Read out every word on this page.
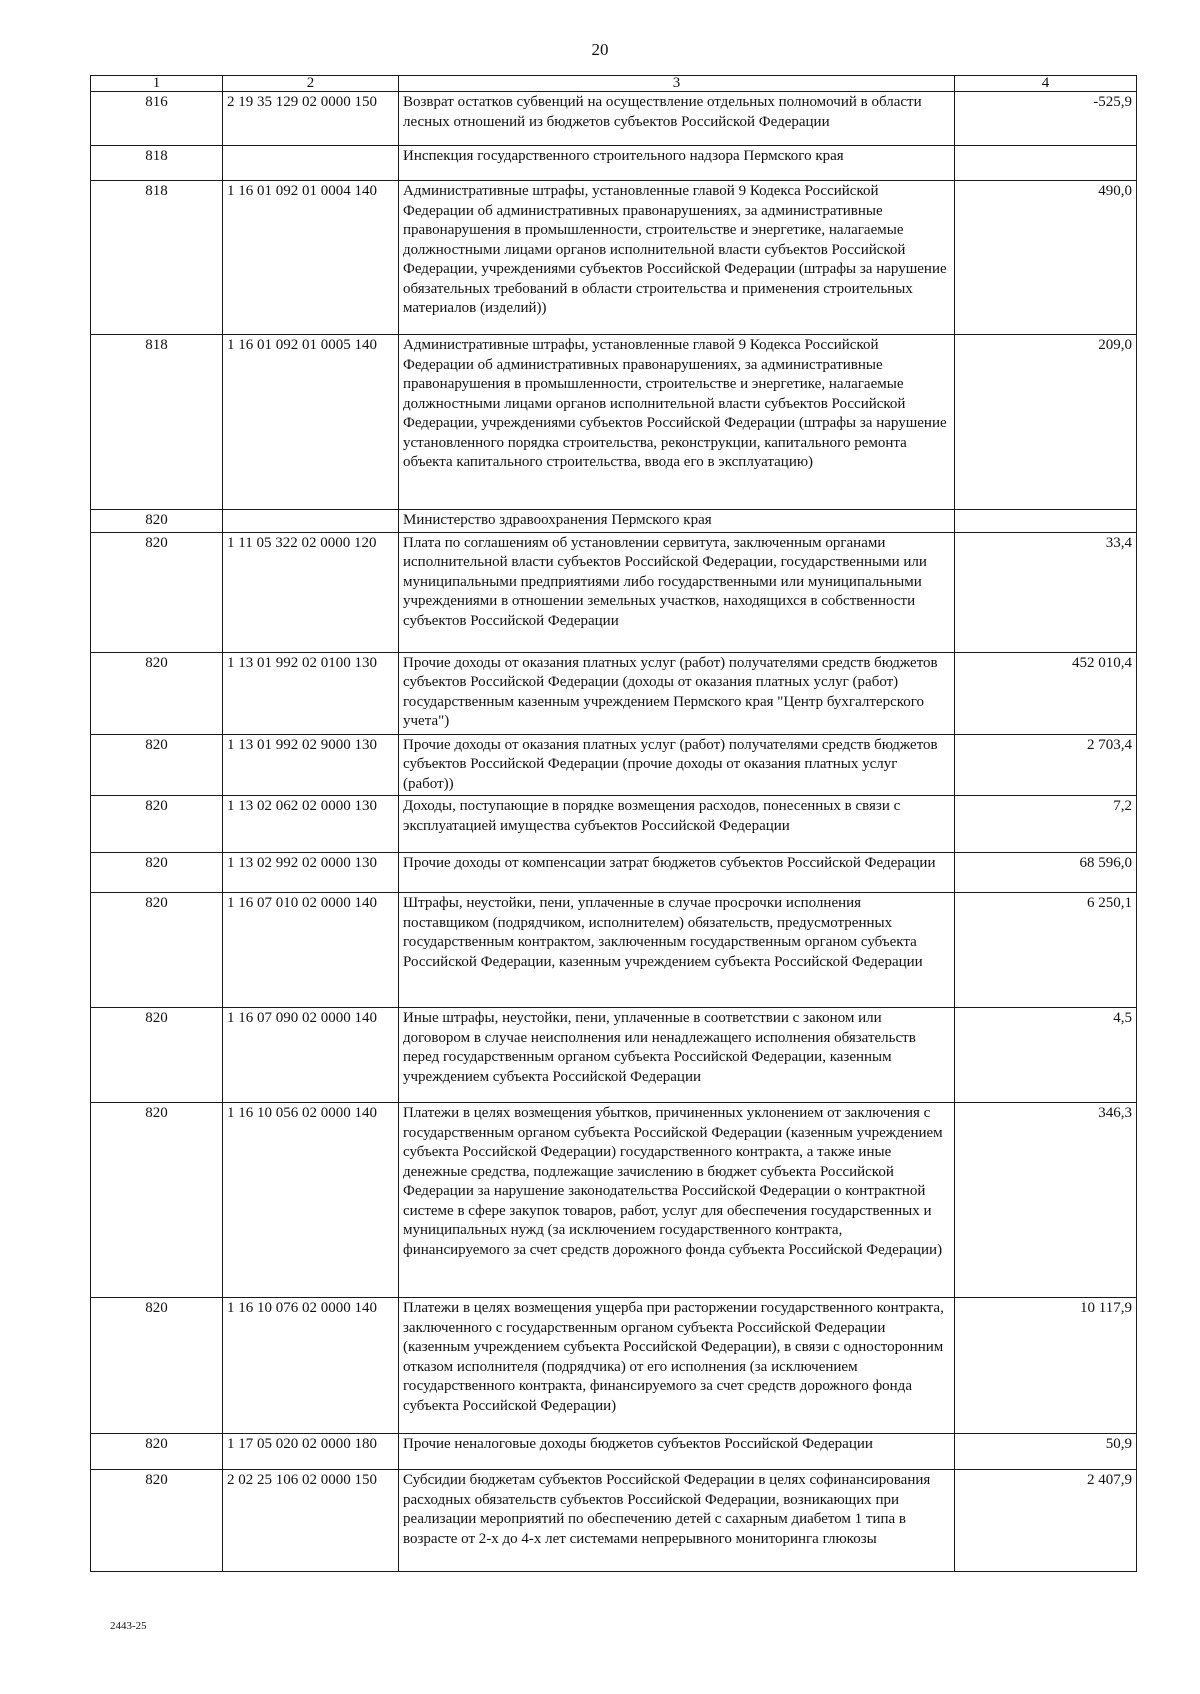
20
1	2	3	4
816	2 19 35 129 02 0000 150	Возврат остатков субвенций на осуществление отдельных полномочий в области лесных отношений из бюджетов субъектов Российской Федерации	-525,9
818		Инспекция государственного строительного надзора Пермского края	
818	1 16 01 092 01 0004 140	Административные штрафы, установленные главой 9 Кодекса Российской Федерации об административных правонарушениях, за административные правонарушения в промышленности, строительстве и энергетике, налагаемые должностными лицами органов исполнительной власти субъектов Российской Федерации, учреждениями субъектов Российской Федерации (штрафы за нарушение обязательных требований в области строительства и применения строительных материалов (изделий))	490,0
818	1 16 01 092 01 0005 140	Административные штрафы, установленные главой 9 Кодекса Российской Федерации об административных правонарушениях, за административные правонарушения в промышленности, строительстве и энергетике, налагаемые должностными лицами органов исполнительной власти субъектов Российской Федерации, учреждениями субъектов Российской Федерации (штрафы за нарушение установленного порядка строительства, реконструкции, капитального ремонта объекта капитального строительства, ввода его в эксплуатацию)	209,0
820		Министерство здравоохранения Пермского края	
820	1 11 05 322 02 0000 120	Плата по соглашениям об установлении сервитута, заключенным органами исполнительной власти субъектов Российской Федерации, государственными или муниципальными предприятиями либо государственными или муниципальными учреждениями в отношении земельных участков, находящихся в собственности субъектов Российской Федерации	33,4
820	1 13 01 992 02 0100 130	Прочие доходы от оказания платных услуг (работ) получателями средств бюджетов субъектов Российской Федерации (доходы от оказания платных услуг (работ) государственным казенным учреждением Пермского края "Центр бухгалтерского учета")	452 010,4
820	1 13 01 992 02 9000 130	Прочие доходы от оказания платных услуг (работ) получателями средств бюджетов субъектов Российской Федерации (прочие доходы от оказания платных услуг (работ))	2 703,4
820	1 13 02 062 02 0000 130	Доходы, поступающие в порядке возмещения расходов, понесенных в связи с эксплуатацией имущества субъектов Российской Федерации	7,2
820	1 13 02 992 02 0000 130	Прочие доходы от компенсации затрат бюджетов субъектов Российской Федерации	68 596,0
820	1 16 07 010 02 0000 140	Штрафы, неустойки, пени, уплаченные в случае просрочки исполнения поставщиком (подрядчиком, исполнителем) обязательств, предусмотренных государственным контрактом, заключенным государственным органом субъекта Российской Федерации, казенным учреждением субъекта Российской Федерации	6 250,1
820	1 16 07 090 02 0000 140	Иные штрафы, неустойки, пени, уплаченные в соответствии с законом или договором в случае неисполнения или ненадлежащего исполнения обязательств перед государственным органом субъекта Российской Федерации, казенным учреждением субъекта Российской Федерации	4,5
820	1 16 10 056 02 0000 140	Платежи в целях возмещения убытков, причиненных уклонением от заключения с государственным органом субъекта Российской Федерации (казенным учреждением субъекта Российской Федерации) государственного контракта, а также иные денежные средства, подлежащие зачислению в бюджет субъекта Российской Федерации за нарушение законодательства Российской Федерации о контрактной системе в сфере закупок товаров, работ, услуг для обеспечения государственных и муниципальных нужд (за исключением государственного контракта, финансируемого за счет средств дорожного фонда субъекта Российской Федерации)	346,3
820	1 16 10 076 02 0000 140	Платежи в целях возмещения ущерба при расторжении государственного контракта, заключенного с государственным органом субъекта Российской Федерации (казенным учреждением субъекта Российской Федерации), в связи с односторонним отказом исполнителя (подрядчика) от его исполнения (за исключением государственного контракта, финансируемого за счет средств дорожного фонда субъекта Российской Федерации)	10 117,9
820	1 17 05 020 02 0000 180	Прочие неналоговые доходы бюджетов субъектов Российской Федерации	50,9
820	2 02 25 106 02 0000 150	Субсидии бюджетам субъектов Российской Федерации в целях софинансирования расходных обязательств субъектов Российской Федерации, возникающих при реализации мероприятий по обеспечению детей с сахарным диабетом 1 типа в возрасте от 2-х до 4-х лет системами непрерывного мониторинга глюкозы	2 407,9
2443-25
